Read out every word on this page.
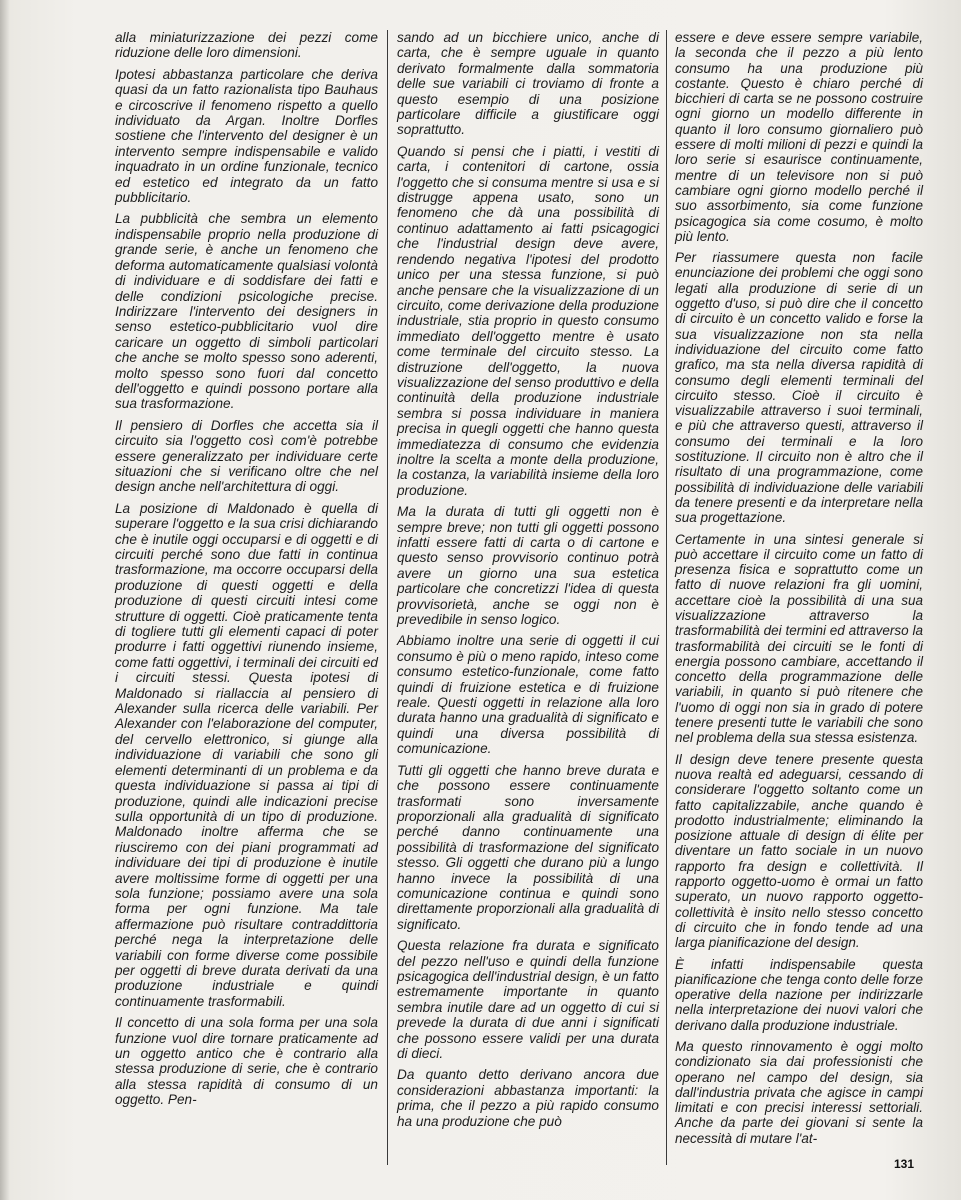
alla miniaturizzazione dei pezzi come riduzione delle loro dimensioni.

Ipotesi abbastanza particolare che deriva quasi da un fatto razionalista tipo Bauhaus e circoscrive il fenomeno rispetto a quello individuato da Argan. Inoltre Dorfles sostiene che l'intervento del designer è un intervento sempre indispensabile e valido inquadrato in un ordine funzionale, tecnico ed estetico ed integrato da un fatto pubblicitario.

La pubblicità che sembra un elemento indispensabile proprio nella produzione di grande serie, è anche un fenomeno che deforma automaticamente qualsiasi volontà di individuare e di soddisfare dei fatti e delle condizioni psicologiche precise. Indirizzare l'intervento dei designers in senso estetico-pubblicitario vuol dire caricare un oggetto di simboli particolari che anche se molto spesso sono aderenti, molto spesso sono fuori dal concetto dell'oggetto e quindi possono portare alla sua trasformazione.

Il pensiero di Dorfles che accetta sia il circuito sia l'oggetto così com'è potrebbe essere generalizzato per individuare certe situazioni che si verificano oltre che nel design anche nell'architettura di oggi.

La posizione di Maldonado è quella di superare l'oggetto e la sua crisi dichiarando che è inutile oggi occuparsi e di oggetti e di circuiti perché sono due fatti in continua trasformazione, ma occorre occuparsi della produzione di questi oggetti e della produzione di questi circuiti intesi come strutture di oggetti. Cioè praticamente tenta di togliere tutti gli elementi capaci di poter produrre i fatti oggettivi riunendo insieme, come fatti oggettivi, i terminali dei circuiti ed i circuiti stessi. Questa ipotesi di Maldonado si riallaccia al pensiero di Alexander sulla ricerca delle variabili. Per Alexander con l'elaborazione del computer, del cervello elettronico, si giunge alla individuazione di variabili che sono gli elementi determinanti di un problema e da questa individuazione si passa ai tipi di produzione, quindi alle indicazioni precise sulla opportunità di un tipo di produzione. Maldonado inoltre afferma che se riusciremo con dei piani programmati ad individuare dei tipi di produzione è inutile avere moltissime forme di oggetti per una sola funzione; possiamo avere una sola forma per ogni funzione. Ma tale affermazione può risultare contraddittoria perché nega la interpretazione delle variabili con forme diverse come possibile per oggetti di breve durata derivati da una produzione industriale e quindi continuamente trasformabili.

Il concetto di una sola forma per una sola funzione vuol dire tornare praticamente ad un oggetto antico che è contrario alla stessa produzione di serie, che è contrario alla stessa rapidità di consumo di un oggetto. Pen-

sando ad un bicchiere unico, anche di carta, che è sempre uguale in quanto derivato formalmente dalla sommatoria delle sue variabili ci troviamo di fronte a questo esempio di una posizione particolare difficile a giustificare oggi soprattutto.

Quando si pensi che i piatti, i vestiti di carta, i contenitori di cartone, ossia l'oggetto che si consuma mentre si usa e si distrugge appena usato, sono un fenomeno che dà una possibilità di continuo adattamento ai fatti psicagogici che l'industrial design deve avere, rendendo negativa l'ipotesi del prodotto unico per una stessa funzione, si può anche pensare che la visualizzazione di un circuito, come derivazione della produzione industriale, stia proprio in questo consumo immediato dell'oggetto mentre è usato come terminale del circuito stesso. La distruzione dell'oggetto, la nuova visualizzazione del senso produttivo e della continuità della produzione industriale sembra si possa individuare in maniera precisa in quegli oggetti che hanno questa immediatezza di consumo che evidenzia inoltre la scelta a monte della produzione, la costanza, la variabilità insieme della loro produzione.

Ma la durata di tutti gli oggetti non è sempre breve; non tutti gli oggetti possono infatti essere fatti di carta o di cartone e questo senso provvisorio continuo potrà avere un giorno una sua estetica particolare che concretizzi l'idea di questa provvisorietà, anche se oggi non è prevedibile in senso logico.

Abbiamo inoltre una serie di oggetti il cui consumo è più o meno rapido, inteso come consumo estetico-funzionale, come fatto quindi di fruizione estetica e di fruizione reale. Questi oggetti in relazione alla loro durata hanno una gradualità di significato e quindi una diversa possibilità di comunicazione.

Tutti gli oggetti che hanno breve durata e che possono essere continuamente trasformati sono inversamente proporzionali alla gradualità di significato perché danno continuamente una possibilità di trasformazione del significato stesso. Gli oggetti che durano più a lungo hanno invece la possibilità di una comunicazione continua e quindi sono direttamente proporzionali alla gradualità di significato.

Questa relazione fra durata e significato del pezzo nell'uso e quindi della funzione psicagogica dell'industrial design, è un fatto estremamente importante in quanto sembra inutile dare ad un oggetto di cui si prevede la durata di due anni i significati che possono essere validi per una durata di dieci.

Da quanto detto derivano ancora due considerazioni abbastanza importanti: la prima, che il pezzo a più rapido consumo ha una produzione che può

essere e deve essere sempre variabile, la seconda che il pezzo a più lento consumo ha una produzione più costante. Questo è chiaro perché di bicchieri di carta se ne possono costruire ogni giorno un modello differente in quanto il loro consumo giornaliero può essere di molti milioni di pezzi e quindi la loro serie si esaurisce continuamente, mentre di un televisore non si può cambiare ogni giorno modello perché il suo assorbimento, sia come funzione psicagogica sia come cosumo, è molto più lento.

Per riassumere questa non facile enunciazione dei problemi che oggi sono legati alla produzione di serie di un oggetto d'uso, si può dire che il concetto di circuito è un concetto valido e forse la sua visualizzazione non sta nella individuazione del circuito come fatto grafico, ma sta nella diversa rapidità di consumo degli elementi terminali del circuito stesso. Cioè il circuito è visualizzabile attraverso i suoi terminali, e più che attraverso questi, attraverso il consumo dei terminali e la loro sostituzione. Il circuito non è altro che il risultato di una programmazione, come possibilità di individuazione delle variabili da tenere presenti e da interpretare nella sua progettazione.

Certamente in una sintesi generale si può accettare il circuito come un fatto di presenza fisica e soprattutto come un fatto di nuove relazioni fra gli uomini, accettare cioè la possibilità di una sua visualizzazione attraverso la trasformabilità dei termini ed attraverso la trasformabilità dei circuiti se le fonti di energia possono cambiare, accettando il concetto della programmazione delle variabili, in quanto si può ritenere che l'uomo di oggi non sia in grado di potere tenere presenti tutte le variabili che sono nel problema della sua stessa esistenza.

Il design deve tenere presente questa nuova realtà ed adeguarsi, cessando di considerare l'oggetto soltanto come un fatto capitalizzabile, anche quando è prodotto industrialmente; eliminando la posizione attuale di design di élite per diventare un fatto sociale in un nuovo rapporto fra design e collettività. Il rapporto oggetto-uomo è ormai un fatto superato, un nuovo rapporto oggetto-collettività è insito nello stesso concetto di circuito che in fondo tende ad una larga pianificazione del design.

È infatti indispensabile questa pianificazione che tenga conto delle forze operative della nazione per indirizzarle nella interpretazione dei nuovi valori che derivano dalla produzione industriale.

Ma questo rinnovamento è oggi molto condizionato sia dai professionisti che operano nel campo del design, sia dall'industria privata che agisce in campi limitati e con precisi interessi settoriali. Anche da parte dei giovani si sente la necessità di mutare l'at-

131
